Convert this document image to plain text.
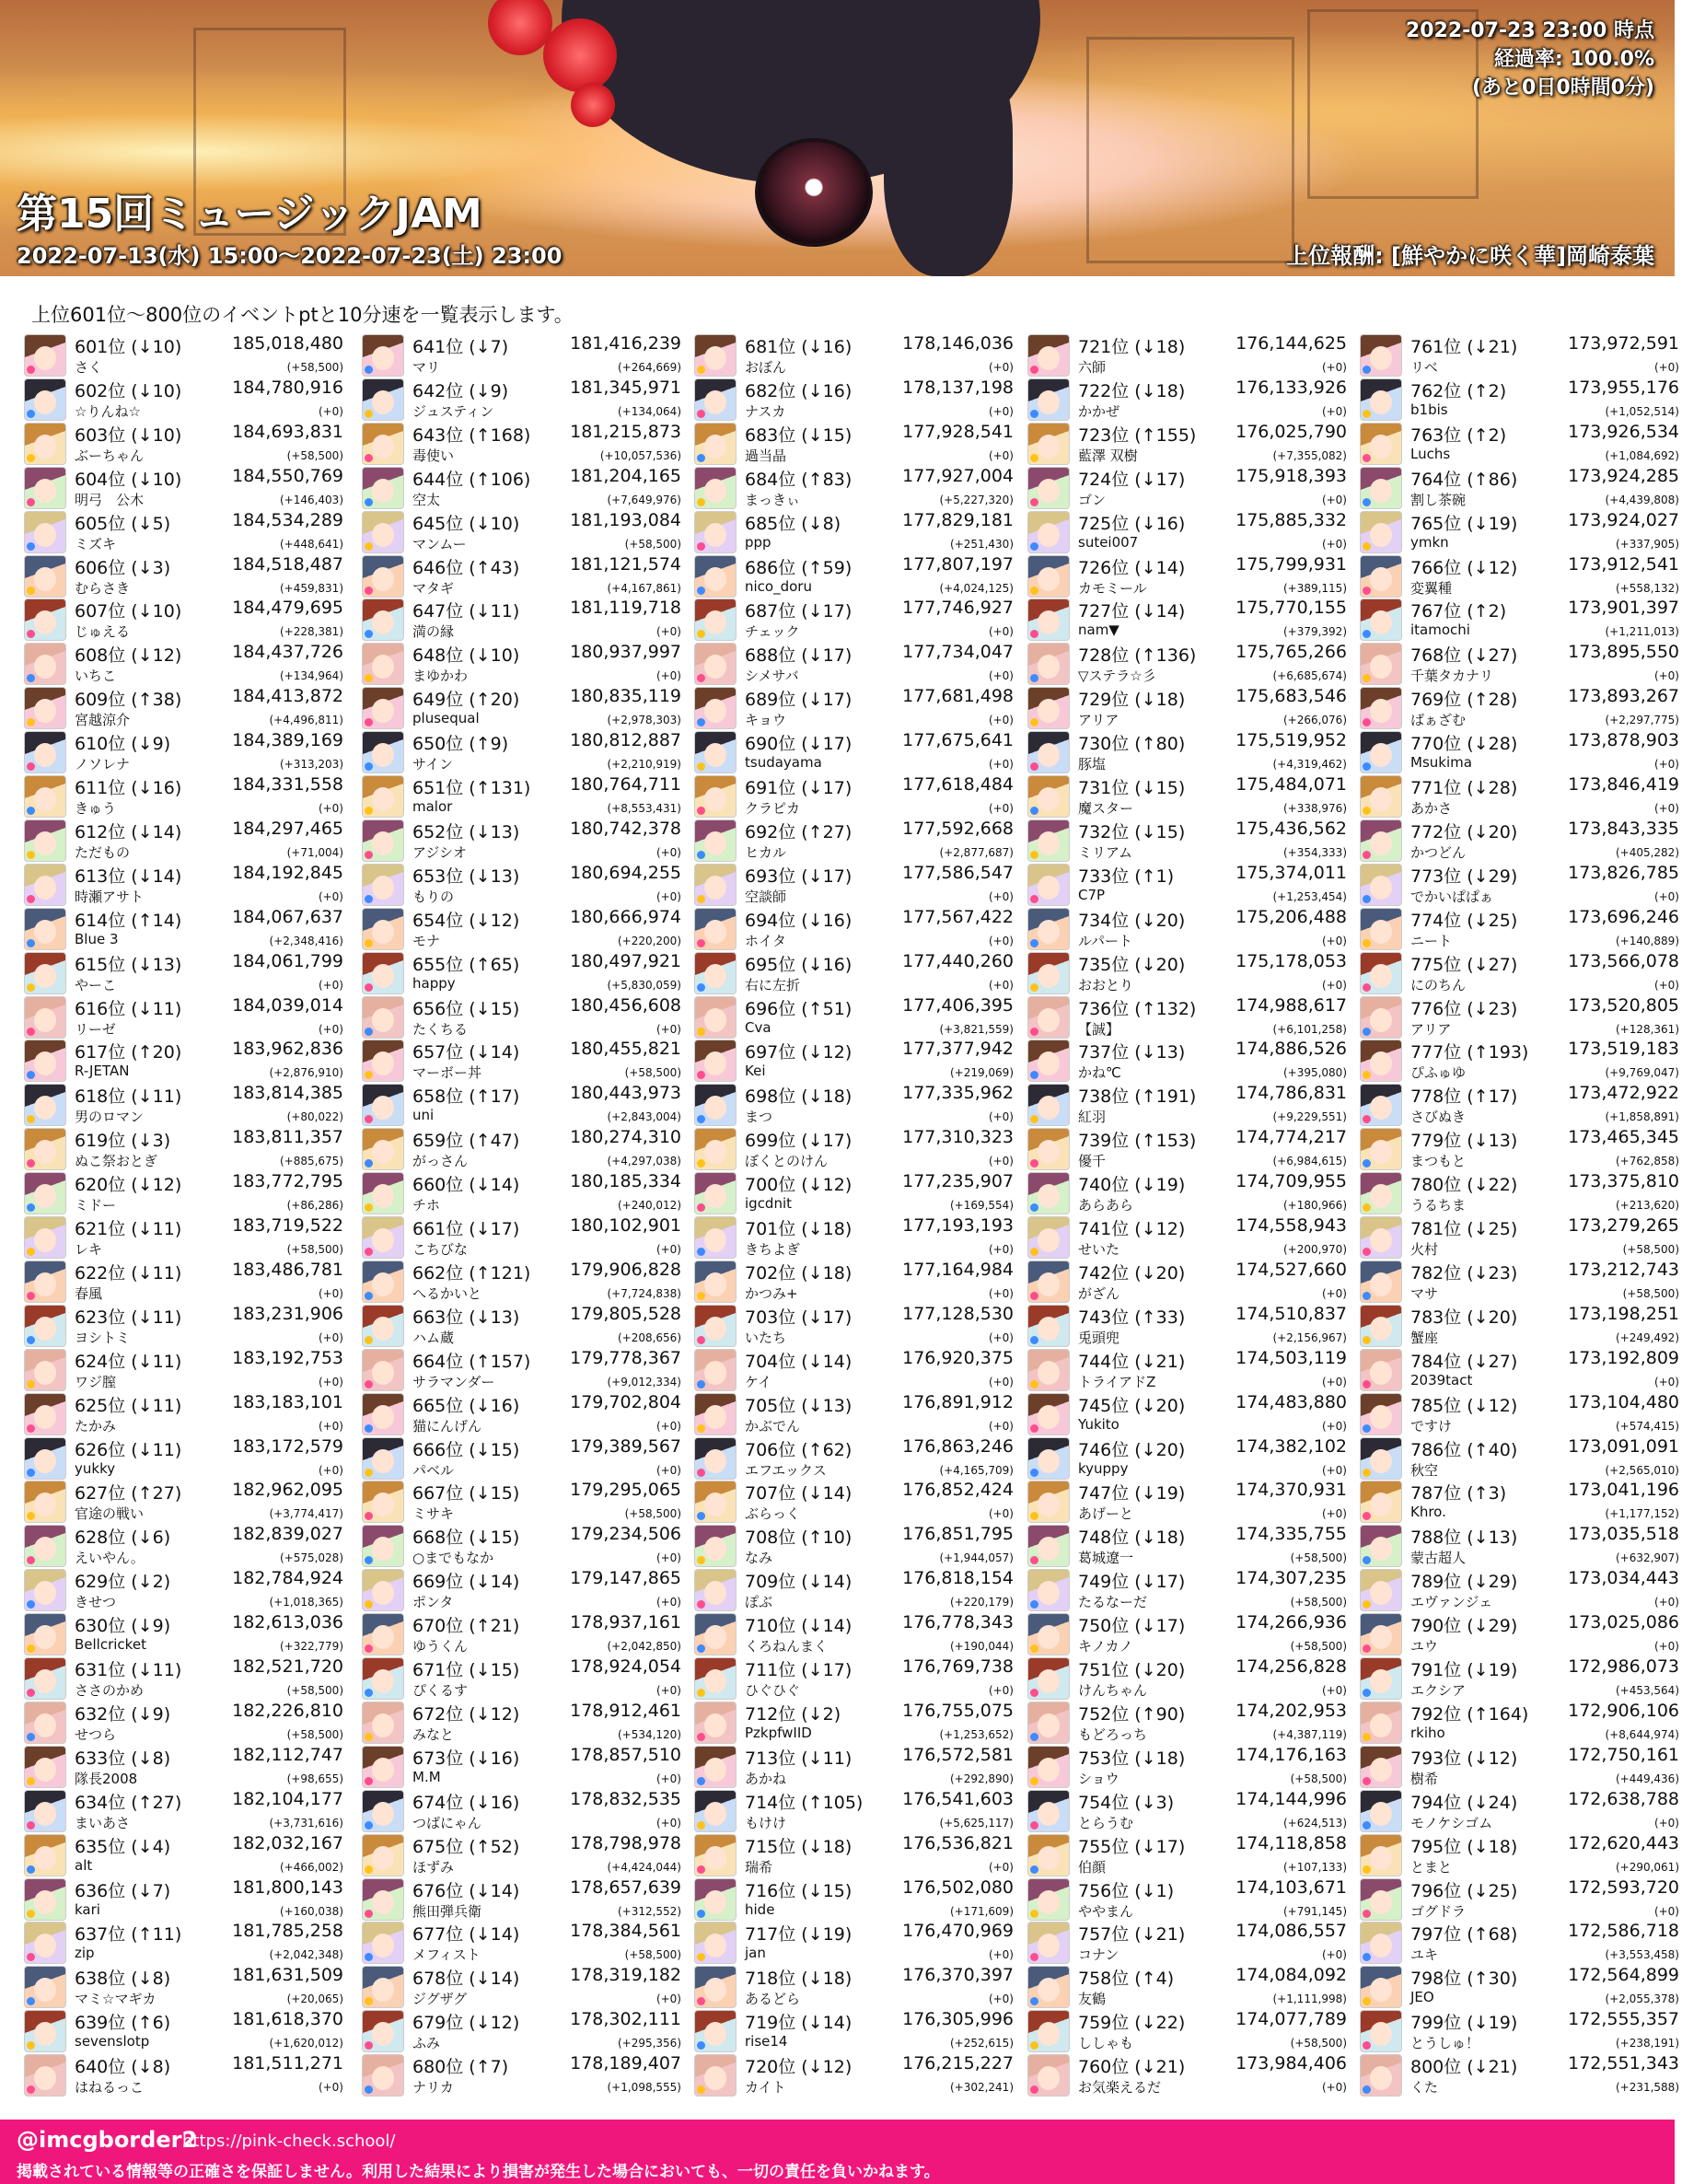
2022-07-23 23:00 時点
経過率: 100.0%
(あと0日0時間0分)
第15回ミュージックJAM
2022-07-13(水) 15:00〜2022-07-23(土) 23:00	上位報酬: [鮮やかに咲く華]岡崎泰葉
上位601位〜800位のイベントptと10分速を一覧表示します。
601位 (↓10)	185,018,480
さく	(+58,500)
602位 (↓10)	184,780,916
☆りんね☆	(+0)
603位 (↓10)	184,693,831
ぶーちゃん	(+58,500)
604位 (↓10)	184,550,769
明弓　公木	(+146,403)
605位 (↓5)	184,534,289
ミズキ	(+448,641)
606位 (↓3)	184,518,487
むらさき	(+459,831)
607位 (↓10)	184,479,695
じゅえる	(+228,381)
608位 (↓12)	184,437,726
いちこ	(+134,964)
609位 (↑38)	184,413,872
宮越涼介	(+4,496,811)
610位 (↓9)	184,389,169
ノソレナ	(+313,203)
611位 (↓16)	184,331,558
きゅう	(+0)
612位 (↓14)	184,297,465
ただもの	(+71,004)
613位 (↓14)	184,192,845
時瀬アサト	(+0)
614位 (↑14)	184,067,637
Blue 3	(+2,348,416)
615位 (↓13)	184,061,799
やーこ	(+0)
616位 (↓11)	184,039,014
リーゼ	(+0)
617位 (↑20)	183,962,836
R-JETAN	(+2,876,910)
618位 (↓11)	183,814,385
男のロマン	(+80,022)
619位 (↓3)	183,811,357
ぬこ祭おとぎ	(+885,675)
620位 (↓12)	183,772,795
ミドー	(+86,286)
621位 (↓11)	183,719,522
レキ	(+58,500)
622位 (↓11)	183,486,781
春風	(+0)
623位 (↓11)	183,231,906
ヨシトミ	(+0)
624位 (↓11)	183,192,753
ワジ膣	(+0)
625位 (↓11)	183,183,101
たかみ	(+0)
626位 (↓11)	183,172,579
yukky	(+0)
627位 (↑27)	182,962,095
官途の戦い	(+3,774,417)
628位 (↓6)	182,839,027
えいやん。	(+575,028)
629位 (↓2)	182,784,924
きせつ	(+1,018,365)
630位 (↓9)	182,613,036
Bellcricket	(+322,779)
631位 (↓11)	182,521,720
ささのかめ	(+58,500)
632位 (↓9)	182,226,810
せつら	(+58,500)
633位 (↓8)	182,112,747
隊長2008	(+98,655)
634位 (↑27)	182,104,177
まいあさ	(+3,731,616)
635位 (↓4)	182,032,167
alt	(+466,002)
636位 (↓7)	181,800,143
kari	(+160,038)
637位 (↑11)	181,785,258
zip	(+2,042,348)
638位 (↓8)	181,631,509
マミ☆マギカ	(+20,065)
639位 (↑6)	181,618,370
sevenslotp	(+1,620,012)
640位 (↓8)	181,511,271
はねるっこ	(+0)
641位 (↓7)	181,416,239
マリ	(+264,669)
642位 (↓9)	181,345,971
ジュスティン	(+134,064)
643位 (↑168) 181,215,873
毒使い	(+10,057,536)
644位 (↑106) 181,204,165
空太	(+7,649,976)
645位 (↓10)	181,193,084
マンムー	(+58,500)
646位 (↑43)	181,121,574
マタギ	(+4,167,861)
647位 (↓11)	181,119,718
満の縁	(+0)
648位 (↓10)	180,937,997
まゆかわ	(+0)
649位 (↑20)	180,835,119
plusequal	(+2,978,303)
650位 (↑9)	180,812,887
サイン	(+2,210,919)
651位 (↑131) 180,764,711
malor	(+8,553,431)
652位 (↓13)	180,742,378
アジシオ	(+0)
653位 (↓13)	180,694,255
もりの	(+0)
654位 (↓12)	180,666,974
モナ	(+220,200)
655位 (↑65)	180,497,921
happy	(+5,830,059)
656位 (↓15)	180,456,608
たくちる	(+0)
657位 (↓14)	180,455,821
マーボー丼	(+58,500)
658位 (↑17)	180,443,973
uni	(+2,843,004)
659位 (↑47)	180,274,310
がっさん	(+4,297,038)
660位 (↓14)	180,185,334
チホ	(+240,012)
661位 (↓17)	180,102,901
こちびな	(+0)
662位 (↑121) 179,906,828
へるかいと	(+7,724,838)
663位 (↓13)	179,805,528
ハム蔵	(+208,656)
664位 (↑157) 179,778,367
サラマンダー	(+9,012,334)
665位 (↓16)	179,702,804
猫にんげん	(+0)
666位 (↓15)	179,389,567
パベル	(+0)
667位 (↓15)	179,295,065
ミサキ	(+58,500)
668位 (↓15)	179,234,506
○までもなか	(+0)
669位 (↓14)	179,147,865
ポンタ	(+0)
670位 (↑21)	178,937,161
ゆうくん	(+2,042,850)
671位 (↓15)	178,924,054
ぴくるす	(+0)
672位 (↓12)	178,912,461
みなと	(+534,120)
673位 (↓16)	178,857,510
M.M	(+0)
674位 (↓16)	178,832,535
つばにゃん	(+0)
675位 (↑52)	178,798,978
ほずみ	(+4,424,044)
676位 (↓14)	178,657,639
熊田弾兵衛	(+312,552)
677位 (↓14)	178,384,561
メフィスト	(+58,500)
678位 (↓14)	178,319,182
ジグザグ	(+0)
679位 (↓12)	178,302,111
ふみ	(+295,356)
680位 (↑7)	178,189,407
ナリカ	(+1,098,555)
681位 (↓16)	178,146,036
おぼん	(+0)
682位 (↓16)	178,137,198
ナスカ	(+0)
683位 (↓15)	177,928,541
過当晶	(+0)
684位 (↑83)	177,927,004
まっきぃ	(+5,227,320)
685位 (↓8)	177,829,181
ppp	(+251,430)
686位 (↑59)	177,807,197
nico_doru	(+4,024,125)
687位 (↓17)	177,746,927
チェック	(+0)
688位 (↓17)	177,734,047
シメサバ	(+0)
689位 (↓17)	177,681,498
キョウ	(+0)
690位 (↓17)	177,675,641
tsudayama	(+0)
691位 (↓17)	177,618,484
クラピカ	(+0)
692位 (↑27)	177,592,668
ヒカル	(+2,877,687)
693位 (↓17)	177,586,547
空談師	(+0)
694位 (↓16)	177,567,422
ホイタ	(+0)
695位 (↓16)	177,440,260
右に左折	(+0)
696位 (↑51)	177,406,395
Cva	(+3,821,559)
697位 (↓12)	177,377,942
Kei	(+219,069)
698位 (↓18)	177,335,962
まつ	(+0)
699位 (↓17)	177,310,323
ぼくとのけん	(+0)
700位 (↓12)	177,235,907
igcdnit	(+169,554)
701位 (↓18)	177,193,193
きちよぎ	(+0)
702位 (↓18)	177,164,984
かつみ+	(+0)
703位 (↓17)	177,128,530
いたち	(+0)
704位 (↓14)	176,920,375
ケイ	(+0)
705位 (↓13)	176,891,912
かぶでん	(+0)
706位 (↑62)	176,863,246
エフエックス	(+4,165,709)
707位 (↓14)	176,852,424
ぶらっく	(+0)
708位 (↑10)	176,851,795
なみ	(+1,944,057)
709位 (↓14)	176,818,154
ぽぶ	(+220,179)
710位 (↓14)	176,778,343
くろねんまく	(+190,044)
711位 (↓17)	176,769,738
ひぐひぐ	(+0)
712位 (↓2)	176,755,075
PzkpfwIID	(+1,253,652)
713位 (↓11)	176,572,581
あかね	(+292,890)
714位 (↑105) 176,541,603
もけけ	(+5,625,117)
715位 (↓18)	176,536,821
瑞希	(+0)
716位 (↓15)	176,502,080
hide	(+171,609)
717位 (↓19)	176,470,969
jan	(+0)
718位 (↓18)	176,370,397
あるどら	(+0)
719位 (↓14)	176,305,996
rise14	(+252,615)
720位 (↓12)	176,215,227
カイト	(+302,241)
721位 (↓18)	176,144,625
六師	(+0)
722位 (↓18)	176,133,926
かかぜ	(+0)
723位 (↑155) 176,025,790
藍澤 双樹	(+7,355,082)
724位 (↓17)	175,918,393
ゴン	(+0)
725位 (↓16)	175,885,332
sutei007	(+0)
726位 (↓14)	175,799,931
カモミール	(+389,115)
727位 (↓14)	175,770,155
nam▼	(+379,392)
728位 (↑136) 175,765,266
▽ステラ☆彡	(+6,685,674)
729位 (↓18)	175,683,546
アリア	(+266,076)
730位 (↑80)	175,519,952
豚塩	(+4,319,462)
731位 (↓15)	175,484,071
魔スター	(+338,976)
732位 (↓15)	175,436,562
ミリアム	(+354,333)
733位 (↑1)	175,374,011
C7P	(+1,253,454)
734位 (↓20)	175,206,488
ルパート	(+0)
735位 (↓20)	175,178,053
おおとり	(+0)
736位 (↑132) 174,988,617
【誠】	(+6,101,258)
737位 (↓13)	174,886,526
かね℃	(+395,080)
738位 (↑191) 174,786,831
紅羽	(+9,229,551)
739位 (↑153) 174,774,217
優千	(+6,984,615)
740位 (↓19)	174,709,955
あらあら	(+180,966)
741位 (↓12)	174,558,943
せいた	(+200,970)
742位 (↓20)	174,527,660
がざん	(+0)
743位 (↑33)	174,510,837
兎頭兜	(+2,156,967)
744位 (↓21)	174,503,119
トライアドZ	(+0)
745位 (↓20)	174,483,880
Yukito	(+0)
746位 (↓20)	174,382,102
kyuppy	(+0)
747位 (↓19)	174,370,931
あげーと	(+0)
748位 (↓18)	174,335,755
葛城遼一	(+58,500)
749位 (↓17)	174,307,235
たるなーだ	(+58,500)
750位 (↓17)	174,266,936
キノカノ	(+58,500)
751位 (↓20)	174,256,828
けんちゃん	(+0)
752位 (↑90)	174,202,953
もどろっち	(+4,387,119)
753位 (↓18)	174,176,163
ショウ	(+58,500)
754位 (↓3)	174,144,996
とらうむ	(+624,513)
755位 (↓17)	174,118,858
伯顔	(+107,133)
756位 (↓1)	174,103,671
ややまん	(+791,145)
757位 (↓21)	174,086,557
コナン	(+0)
758位 (↑4)	174,084,092
友鶴	(+1,111,998)
759位 (↓22)	174,077,789
ししゃも	(+58,500)
760位 (↓21)	173,984,406
お気楽えるだ	(+0)
761位 (↓21)	173,972,591
リベ	(+0)
762位 (↑2)	173,955,176
b1bis	(+1,052,514)
763位 (↑2)	173,926,534
Luchs	(+1,084,692)
764位 (↑86)	173,924,285
割し茶碗	(+4,439,808)
765位 (↓19)	173,924,027
ymkn	(+337,905)
766位 (↓12)	173,912,541
変翼種	(+558,132)
767位 (↑2)	173,901,397
itamochi	(+1,211,013)
768位 (↓27)	173,895,550
千葉タカナリ	(+0)
769位 (↑28)	173,893,267
ばぁざむ	(+2,297,775)
770位 (↓28)	173,878,903
Msukima	(+0)
771位 (↓28)	173,846,419
あかさ	(+0)
772位 (↓20)	173,843,335
かつどん	(+405,282)
773位 (↓29)	173,826,785
でかいぱぱぁ	(+0)
774位 (↓25)	173,696,246
ニート	(+140,889)
775位 (↓27)	173,566,078
にのちん	(+0)
776位 (↓23)	173,520,805
アリア	(+128,361)
777位 (↑193) 173,519,183
ぴふゅゆ	(+9,769,047)
778位 (↑17)	173,472,922
さびぬき	(+1,858,891)
779位 (↓13)	173,465,345
まつもと	(+762,858)
780位 (↓22)	173,375,810
うるちま	(+213,620)
781位 (↓25)	173,279,265
火村	(+58,500)
782位 (↓23)	173,212,743
マサ	(+58,500)
783位 (↓20)	173,198,251
蟹座	(+249,492)
784位 (↓27)	173,192,809
2039tact	(+0)
785位 (↓12)	173,104,480
ですけ	(+574,415)
786位 (↑40)	173,091,091
秋空	(+2,565,010)
787位 (↑3)	173,041,196
Khro.	(+1,177,152)
788位 (↓13)	173,035,518
蒙古超人	(+632,907)
789位 (↓29)	173,034,443
エヴァンジェ	(+0)
790位 (↓29)	173,025,086
ユウ	(+0)
791位 (↓19)	172,986,073
エクシア	(+453,564)
792位 (↑164) 172,906,106
rkiho	(+8,644,974)
793位 (↓12)	172,750,161
樹希	(+449,436)
794位 (↓24)	172,638,788
モノケシゴム	(+0)
795位 (↓18)	172,620,443
とまと	(+290,061)
796位 (↓25)	172,593,720
ゴグドラ	(+0)
797位 (↑68)	172,586,718
ユキ	(+3,553,458)
798位 (↑30)	172,564,899
JEO	(+2,055,378)
799位 (↓19)	172,555,357
とうしゅ！	(+238,191)
800位 (↓21)	172,551,343
くた	(+231,588)
@imcgborder2
https://pink-check.school/
掲載されている情報等の正確さを保証しません。利用した結果により損害が発生した場合においても、一切の責任を負いかねます。
